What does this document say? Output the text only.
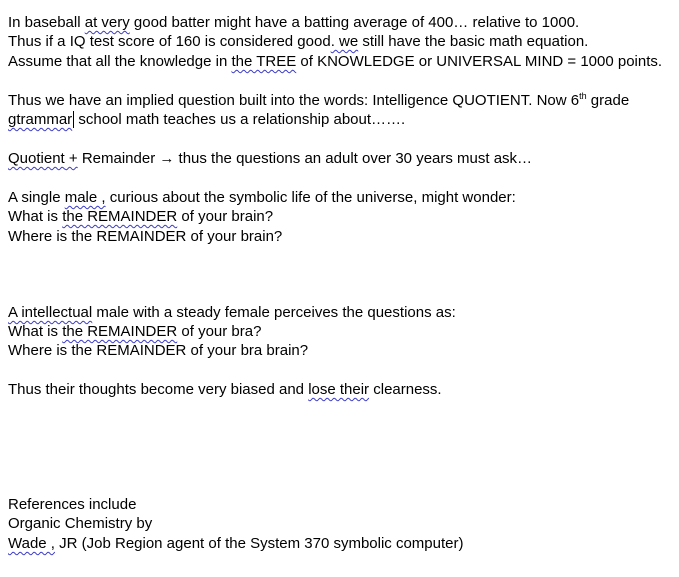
In baseball at very good batter might have a batting average of 400… relative to 1000.
Thus if a IQ test score of 160 is considered good. we still have the basic math equation.
Assume that all the knowledge in the TREE of KNOWLEDGE or UNIVERSAL MIND = 1000 points.
Thus we have an implied question built into the words: Intelligence QUOTIENT. Now 6th grade
gtrammar school math teaches us a relationship about…….
Quotient + Remainder → thus the questions an adult over 30 years must ask…
A single male , curious about the symbolic life of the universe, might wonder:
What is the REMAINDER of your brain?
Where is the REMAINDER of your brain?
A intellectual male with a steady female perceives the questions as:
What is the REMAINDER of your bra?
Where is the REMAINDER of your bra brain?
Thus their thoughts become very biased and lose their clearness.
References include
Organic Chemistry by
Wade , JR (Job Region agent of the System 370 symbolic computer)
